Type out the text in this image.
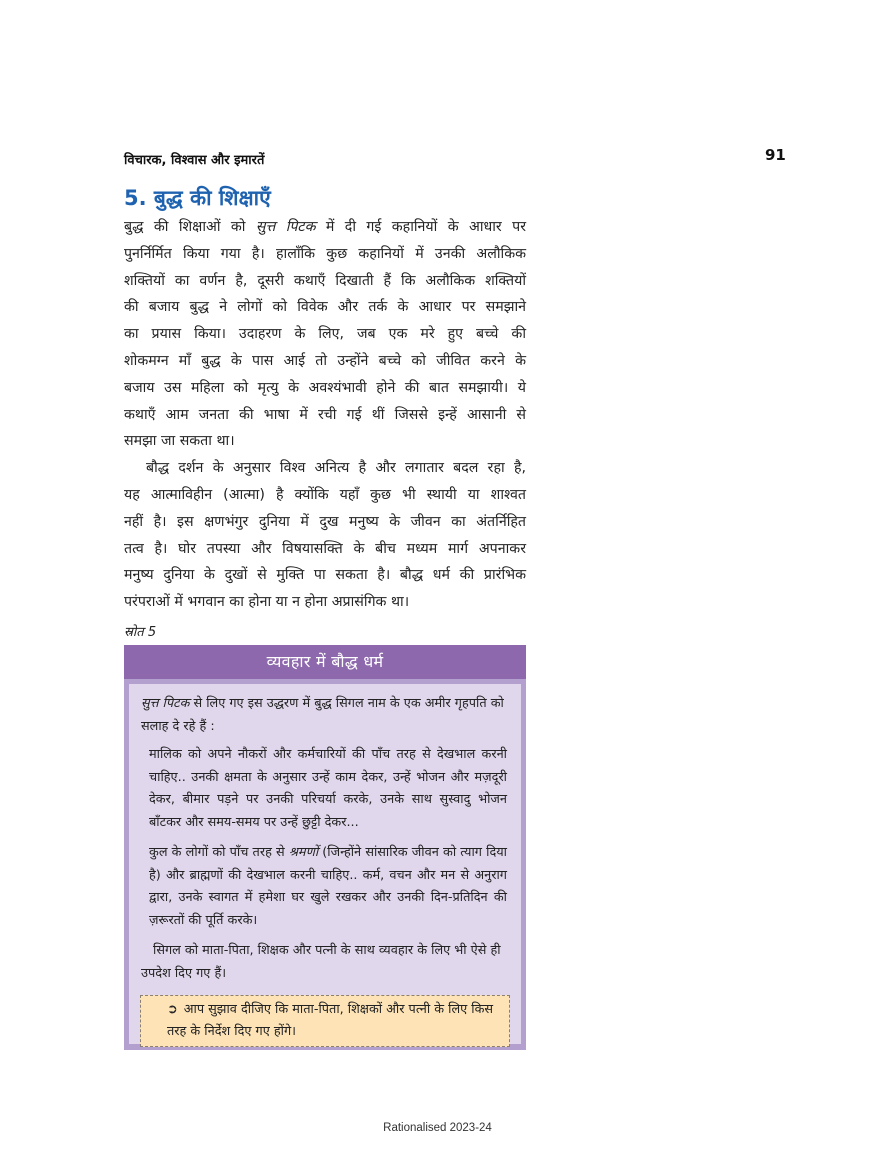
विचारक, विश्वास और इमारतें	91
5. बुद्ध की शिक्षाएँ

बुद्ध की शिक्षाओं को सुत्त पिटक में दी गई कहानियों के आधार पर
पुनर्निर्मित किया गया है। हालाँकि कुछ कहानियों में उनकी अलौकिक
शक्तियों का वर्णन है, दूसरी कथाएँ दिखाती हैं कि अलौकिक शक्तियों
की बजाय बुद्ध ने लोगों को विवेक और तर्क के आधार पर समझाने
का प्रयास किया। उदाहरण के लिए, जब एक मरे हुए बच्चे की
शोकमग्न माँ बुद्ध के पास आई तो उन्होंने बच्चे को जीवित करने के
बजाय उस महिला को मृत्यु के अवश्यंभावी होने की बात समझायी। ये
कथाएँ आम जनता की भाषा में रची गई थीं जिससे इन्हें आसानी से
समझा जा सकता था।

बौद्ध दर्शन के अनुसार विश्व अनित्य है और लगातार बदल रहा है,
यह आत्माविहीन (आत्मा) है क्योंकि यहाँ कुछ भी स्थायी या शाश्वत
नहीं है। इस क्षणभंगुर दुनिया में दुख मनुष्य के जीवन का अंतर्निहित
तत्व है। घोर तपस्या और विषयासक्ति के बीच मध्यम मार्ग अपनाकर
मनुष्य दुनिया के दुखों से मुक्ति पा सकता है। बौद्ध धर्म की प्रारंभिक
परंपराओं में भगवान का होना या न होना अप्रासंगिक था।

स्रोत 5
व्यवहार में बौद्ध धर्म

सुत्त पिटक से लिए गए इस उद्धरण में बुद्ध सिगल नाम के एक अमीर गृहपति को सलाह दे रहे हैं :

मालिक को अपने नौकरों और कर्मचारियों की पाँच तरह से देखभाल करनी चाहिए.. उनकी क्षमता के अनुसार उन्हें काम देकर, उन्हें भोजन और मज़दूरी देकर, बीमार पड़ने पर उनकी परिचर्या करके, उनके साथ सुस्वादु भोजन बाँटकर और समय-समय पर उन्हें छुट्टी देकर...

कुल के लोगों को पाँच तरह से श्रमणों (जिन्होंने सांसारिक जीवन को त्याग दिया है) और ब्राह्मणों की देखभाल करनी चाहिए.. कर्म, वचन और मन से अनुराग द्वारा, उनके स्वागत में हमेशा घर खुले रखकर और उनकी दिन-प्रतिदिन की ज़रूरतों की पूर्ति करके।

सिगल को माता-पिता, शिक्षक और पत्नी के साथ व्यवहार के लिए भी ऐसे ही उपदेश दिए गए हैं।

➲ आप सुझाव दीजिए कि माता-पिता, शिक्षकों और पत्नी के लिए किस तरह के निर्देश दिए गए होंगे।
Rationalised 2023-24
